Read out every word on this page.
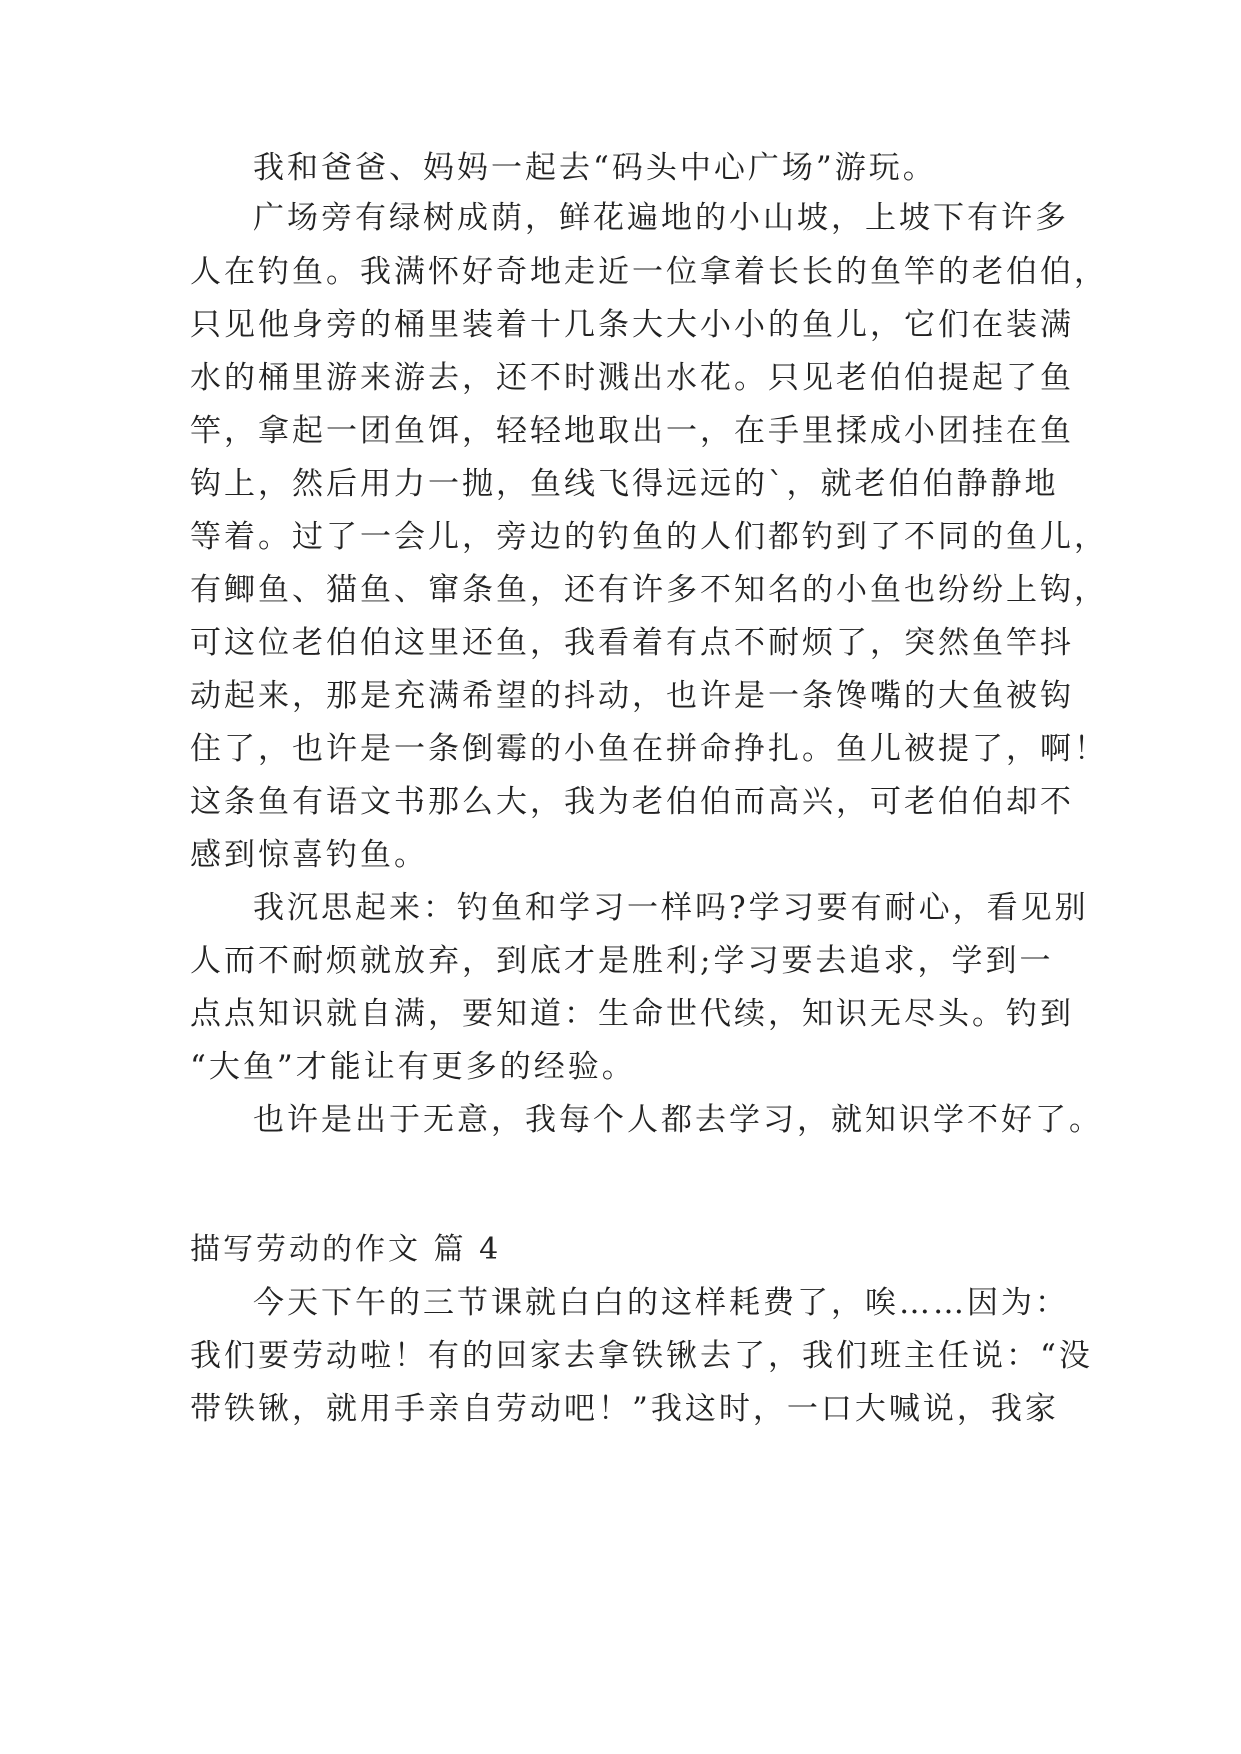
我和爸爸、妈妈一起去“码头中心广场”游玩。
广场旁有绿树成荫，鲜花遍地的小山坡，上坡下有许多
人在钓鱼。我满怀好奇地走近一位拿着长长的鱼竿的老伯伯，
只见他身旁的桶里装着十几条大大小小的鱼儿，它们在装满
水的桶里游来游去，还不时溅出水花。只见老伯伯提起了鱼
竿，拿起一团鱼饵，轻轻地取出一，在手里揉成小团挂在鱼
钩上，然后用力一抛，鱼线飞得远远的`，就老伯伯静静地
等着。过了一会儿，旁边的钓鱼的人们都钓到了不同的鱼儿，
有鲫鱼、猫鱼、窜条鱼，还有许多不知名的小鱼也纷纷上钩，
可这位老伯伯这里还鱼，我看着有点不耐烦了，突然鱼竿抖
动起来，那是充满希望的抖动，也许是一条馋嘴的大鱼被钩
住了，也许是一条倒霉的小鱼在拼命挣扎。鱼儿被提了，啊！
这条鱼有语文书那么大，我为老伯伯而高兴，可老伯伯却不
感到惊喜钓鱼。
我沉思起来：钓鱼和学习一样吗?学习要有耐心，看见别
人而不耐烦就放弃，到底才是胜利;学习要去追求，学到一
点点知识就自满，要知道：生命世代续，知识无尽头。钓到
“大鱼”才能让有更多的经验。
也许是出于无意，我每个人都去学习，就知识学不好了。
描写劳动的作文 篇 4
今天下午的三节课就白白的这样耗费了，唉……因为：
我们要劳动啦！有的回家去拿铁锹去了，我们班主任说：“没
带铁锹，就用手亲自劳动吧！”我这时，一口大喊说，我家
